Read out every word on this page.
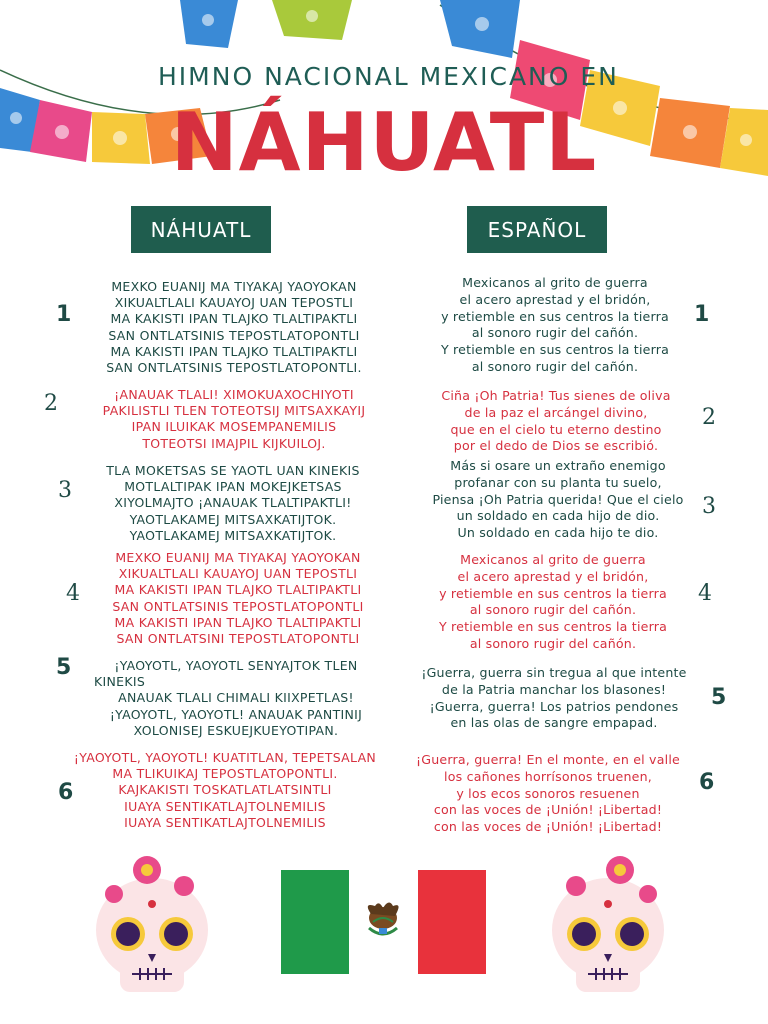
HIMNO NACIONAL MEXICANO EN
NÁHUATL
NÁHUATL	ESPAÑOL
1
MEXKO EUANIJ MA TIYAKAJ YAOYOKAN
XIKUALTLALI KAUAYOJ UAN TEPOSTLI
MA KAKISTI IPAN TLAJKO TLALTIPAKTLI
SAN ONTLATSINIS TEPOSTLATOPONTLI
MA KAKISTI IPAN TLAJKO TLALTIPAKTLI
SAN ONTLATSINIS TEPOSTLATOPONTLI.
2	¡ANAUAK TLALI! XIMOKUAXOCHIYOTI
PAKILISTLI TLEN TOTEOTSIJ MITSAXKAYIJ
IPAN ILUIKAK MOSEMPANEMILIS
TOTEOTSI IMAJPIL KIJKUILOJ.
3
TLA MOKETSAS SE YAOTL UAN KINEKIS
MOTLALTIPAK IPAN MOKEJKETSAS
XIYOLMAJTO ¡ANAUAK TLALTIPAKTLI!
YAOTLAKAMEJ MITSAXKATIJTOK.
YAOTLAKAMEJ MITSAXKATIJTOK.
4
MEXKO EUANIJ MA TIYAKAJ YAOYOKAN
XIKUALTLALI KAUAYOJ UAN TEPOSTLI
MA KAKISTI IPAN TLAJKO TLALTIPAKTLI
SAN ONTLATSINIS TEPOSTLATOPONTLI
MA KAKISTI IPAN TLAJKO TLALTIPAKTLI
SAN ONTLATSINI TEPOSTLATOPONTLI
5	¡YAOYOTL, YAOYOTL SENYAJTOK TLEN
KINEKIS
ANAUAK TLALI CHIMALI KIIXPETLAS!
¡YAOYOTL, YAOYOTL! ANAUAK PANTINIJ
XOLONISEJ ESKUEJKUEYOTIPAN.
6
¡YAOYOTL, YAOYOTL! KUATITLAN, TEPETSALAN
MA TLIKUIKAJ TEPOSTLATOPONTLI.
KAJKAKISTI TOSKATLATLATSINTLI
IUAYA SENTIKATLAJTOLNEMILIS
IUAYA SENTIKATLAJTOLNEMILIS
1
Mexicanos al grito de guerra
el acero aprestad y el bridón,
y retiemble en sus centros la tierra
al sonoro rugir del cañón.
Y retiemble en sus centros la tierra
al sonoro rugir del cañón.
2
Ciña ¡Oh Patria! Tus sienes de oliva
de la paz el arcángel divino,
que en el cielo tu eterno destino
por el dedo de Dios se escribió.
3
Más si osare un extraño enemigo
profanar con su planta tu suelo,
Piensa ¡Oh Patria querida! Que el cielo
un soldado en cada hijo de dio.
Un soldado en cada hijo te dio.
4
Mexicanos al grito de guerra
el acero aprestad y el bridón,
y retiemble en sus centros la tierra
al sonoro rugir del cañón.
Y retiemble en sus centros la tierra
al sonoro rugir del cañón.
5
¡Guerra, guerra sin tregua al que intente
de la Patria manchar los blasones!
¡Guerra, guerra! Los patrios pendones
en las olas de sangre empapad.
6
¡Guerra, guerra! En el monte, en el valle
los cañones horrísonos truenen,
y los ecos sonoros resuenen
con las voces de ¡Unión! ¡Libertad!
con las voces de ¡Unión! ¡Libertad!
